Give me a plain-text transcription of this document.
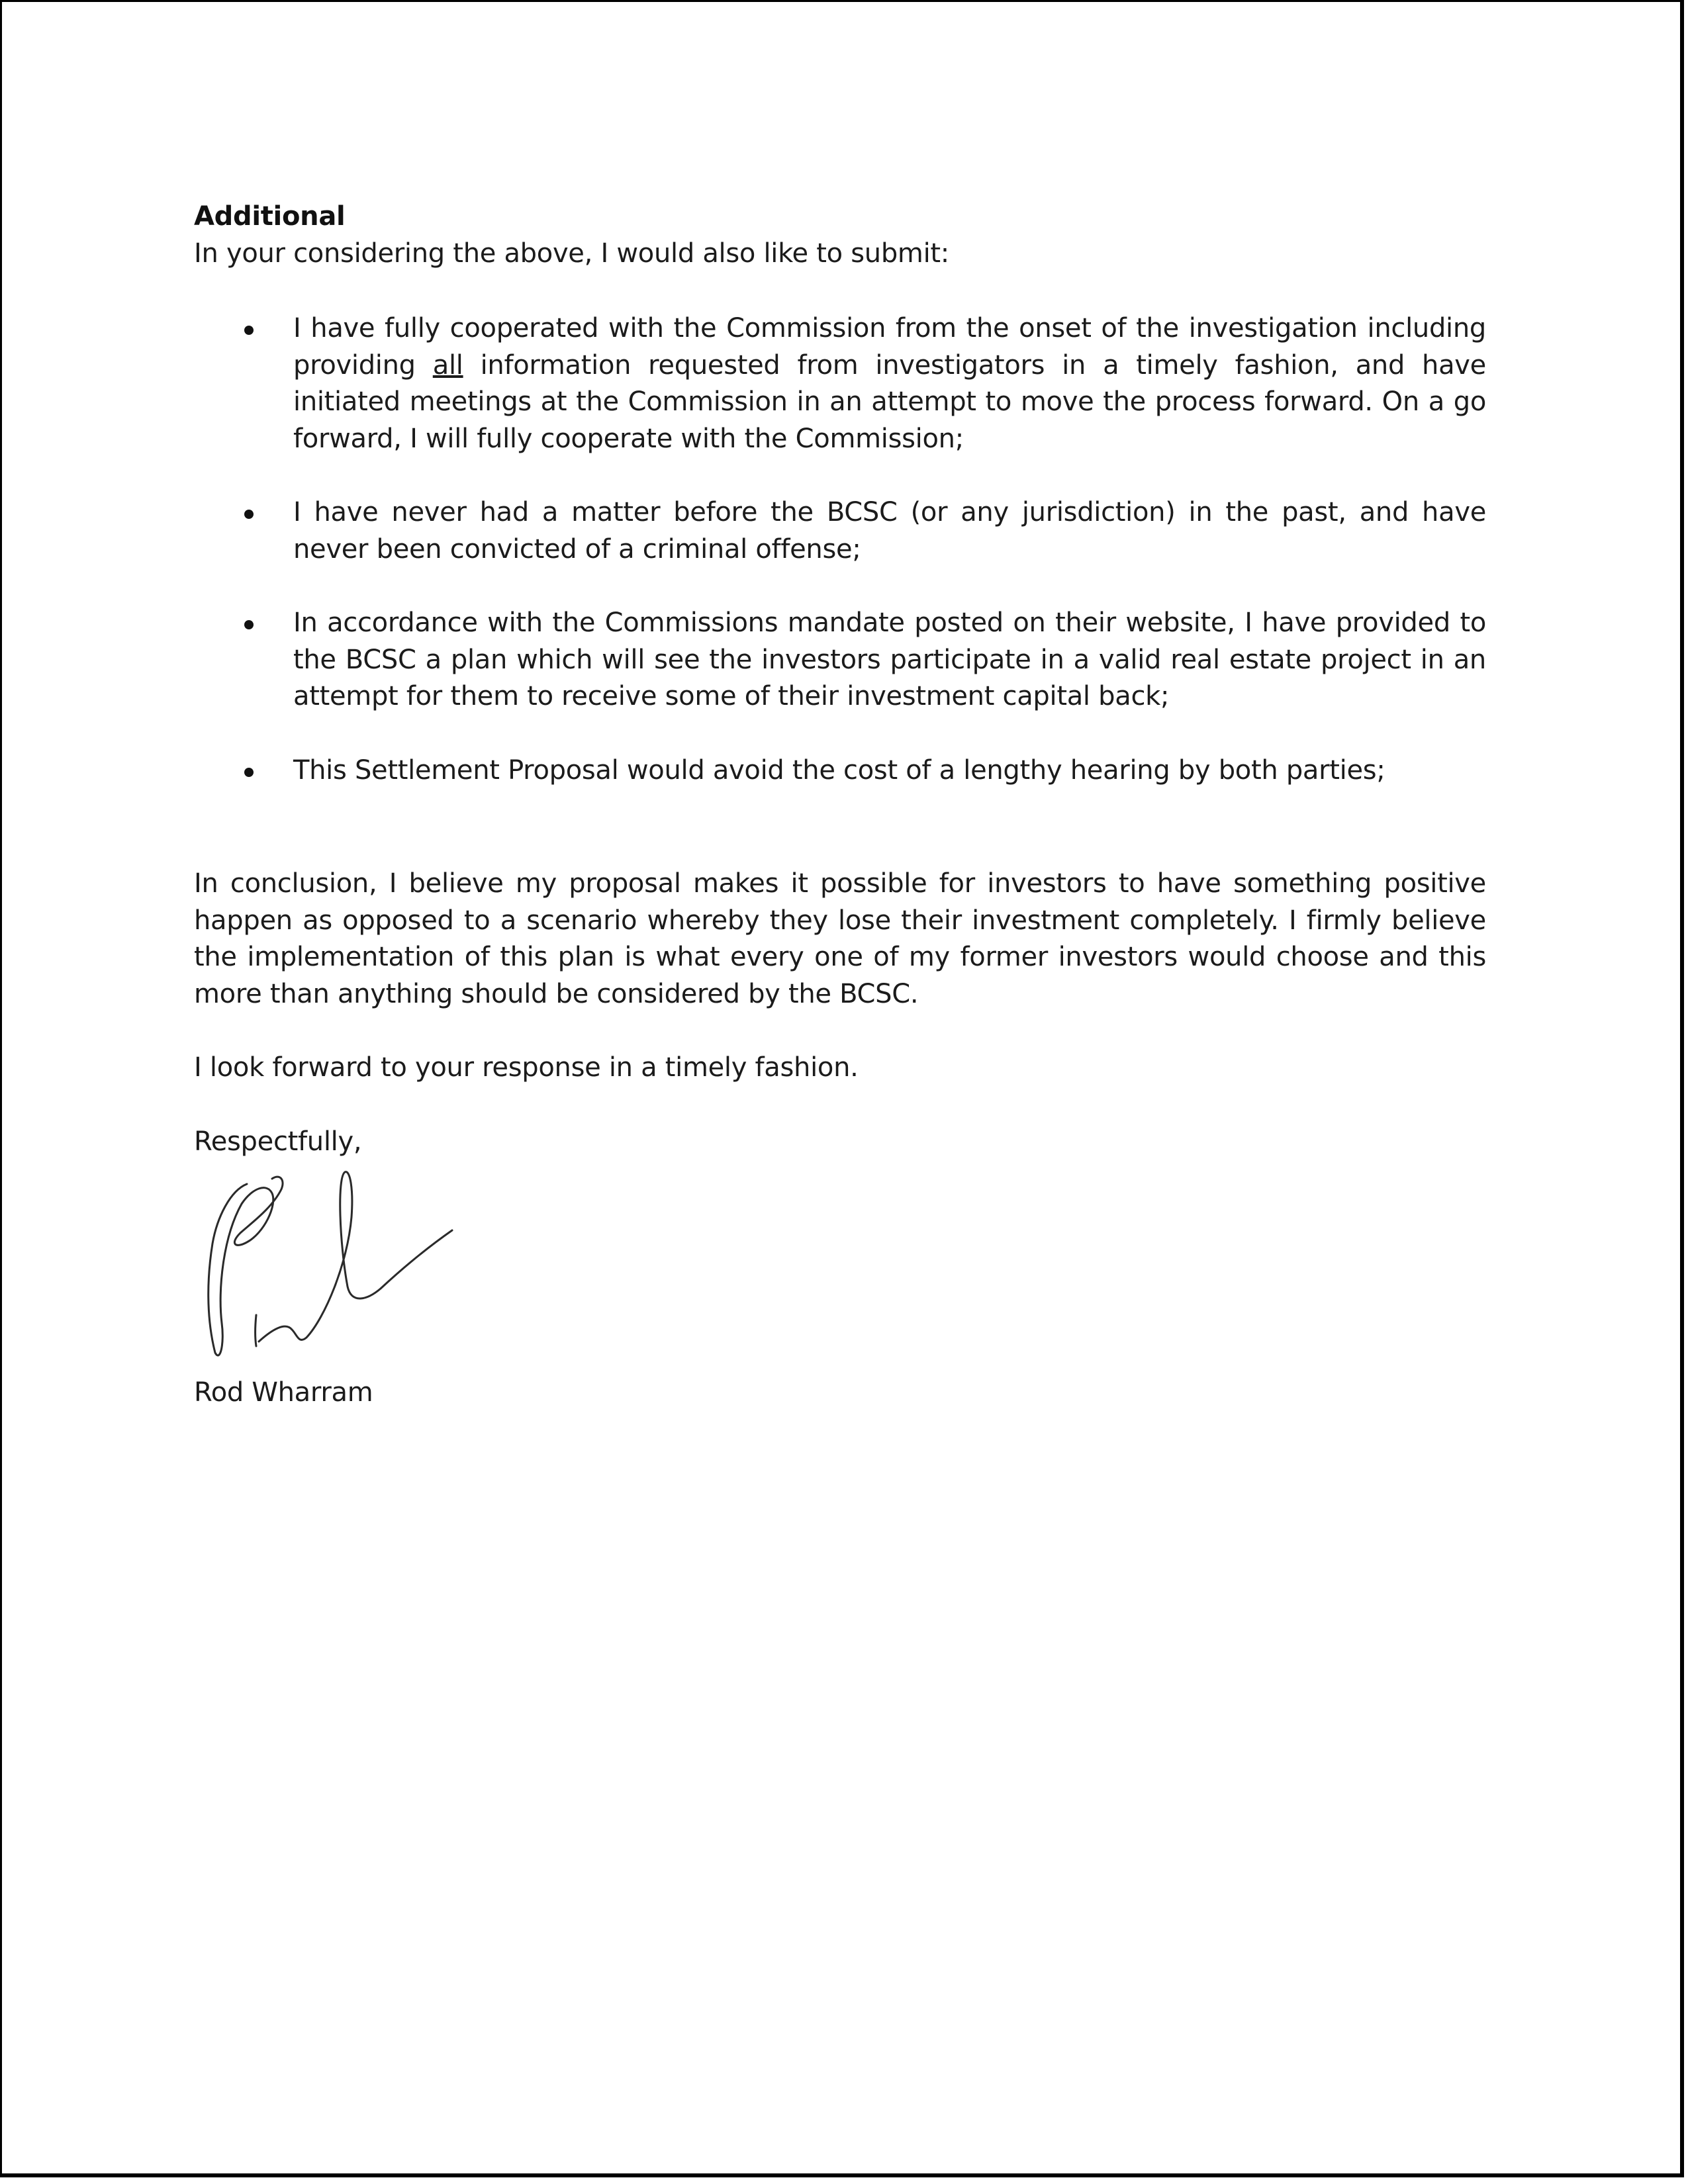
Additional

In your considering the above, I would also like to submit:

I have fully cooperated with the Commission from the onset of the investigation including providing all information requested from investigators in a timely fashion, and have initiated meetings at the Commission in an attempt to move the process forward. On a go forward, I will fully cooperate with the Commission;
I have never had a matter before the BCSC (or any jurisdiction) in the past, and have never been convicted of a criminal offense;
In accordance with the Commissions mandate posted on their website, I have provided to the BCSC a plan which will see the investors participate in a valid real estate project in an attempt for them to receive some of their investment capital back;
This Settlement Proposal would avoid the cost of a lengthy hearing by both parties;

In conclusion, I believe my proposal makes it possible for investors to have something positive happen as opposed to a scenario whereby they lose their investment completely. I firmly believe the implementation of this plan is what every one of my former investors would choose and this more than anything should be considered by the BCSC.

I look forward to your response in a timely fashion.

Respectfully,

Rod Wharram
